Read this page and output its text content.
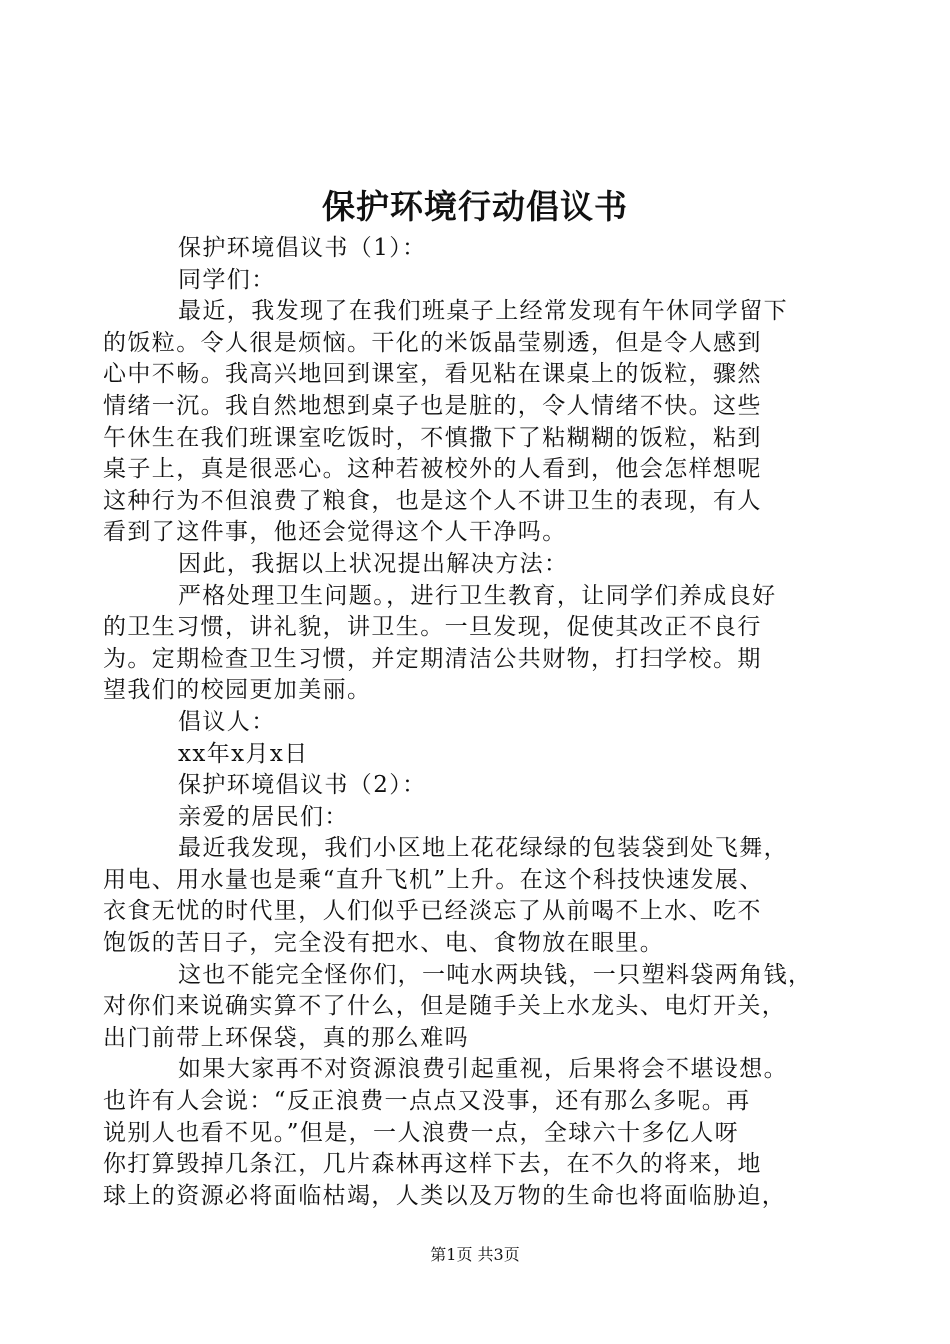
保护环境行动倡议书
保护环境倡议书（1）：
同学们：
最近，我发现了在我们班桌子上经常发现有午休同学留下
的饭粒。令人很是烦恼。干化的米饭晶莹剔透，但是令人感到
心中不畅。我高兴地回到课室，看见粘在课桌上的饭粒，骤然
情绪一沉。我自然地想到桌子也是脏的，令人情绪不快。这些
午休生在我们班课室吃饭时，不慎撒下了粘糊糊的饭粒，粘到
桌子上，真是很恶心。这种若被校外的人看到，他会怎样想呢
这种行为不但浪费了粮食，也是这个人不讲卫生的表现，有人
看到了这件事，他还会觉得这个人干净吗。
因此，我据以上状况提出解决方法：
严格处理卫生问题。，进行卫生教育，让同学们养成良好
的卫生习惯，讲礼貌，讲卫生。一旦发现，促使其改正不良行
为。定期检查卫生习惯，并定期清洁公共财物，打扫学校。期
望我们的校园更加美丽。
倡议人：
xx年x月x日
保护环境倡议书（2）：
亲爱的居民们：
最近我发现，我们小区地上花花绿绿的包装袋到处飞舞，
用电、用水量也是乘“直升飞机”上升。在这个科技快速发展、
衣食无忧的时代里，人们似乎已经淡忘了从前喝不上水、吃不
饱饭的苦日子，完全没有把水、电、食物放在眼里。
这也不能完全怪你们，一吨水两块钱，一只塑料袋两角钱，
对你们来说确实算不了什么，但是随手关上水龙头、电灯开关，
出门前带上环保袋，真的那么难吗
如果大家再不对资源浪费引起重视，后果将会不堪设想。
也许有人会说：“反正浪费一点点又没事，还有那么多呢。再
说别人也看不见。”但是，一人浪费一点，全球六十多亿人呀
你打算毁掉几条江，几片森林再这样下去，在不久的将来，地
球上的资源必将面临枯竭，人类以及万物的生命也将面临胁迫，
第1页 共3页
